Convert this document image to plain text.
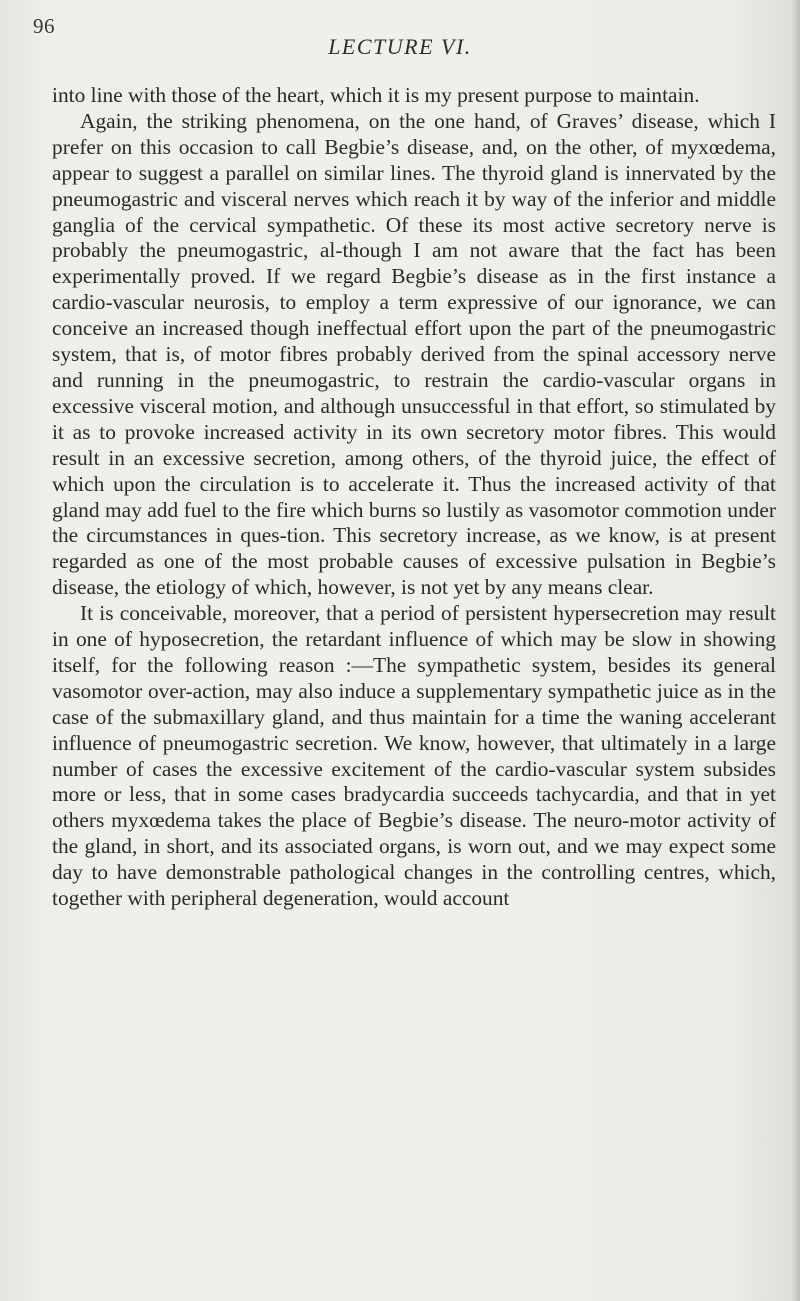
96
LECTURE VI.

into line with those of the heart, which it is my present purpose to maintain.

Again, the striking phenomena, on the one hand, of Graves’ disease, which I prefer on this occasion to call Begbie’s disease, and, on the other, of myxœdema, appear to suggest a parallel on similar lines. The thyroid gland is innervated by the pneumogastric and visceral nerves which reach it by way of the inferior and middle ganglia of the cervical sympathetic. Of these its most active secretory nerve is probably the pneumogastric, al-though I am not aware that the fact has been experimentally proved. If we regard Begbie’s disease as in the first instance a cardio-vascular neurosis, to employ a term expressive of our ignorance, we can conceive an increased though ineffectual effort upon the part of the pneumogastric system, that is, of motor fibres probably derived from the spinal accessory nerve and running in the pneumogastric, to restrain the cardio-vascular organs in excessive visceral motion, and although unsuccessful in that effort, so stimulated by it as to provoke increased activity in its own secretory motor fibres. This would result in an excessive secretion, among others, of the thyroid juice, the effect of which upon the circulation is to accelerate it. Thus the increased activity of that gland may add fuel to the fire which burns so lustily as vasomotor commotion under the circumstances in ques-tion. This secretory increase, as we know, is at present regarded as one of the most probable causes of excessive pulsation in Begbie’s disease, the etiology of which, however, is not yet by any means clear.

It is conceivable, moreover, that a period of persistent hypersecretion may result in one of hyposecretion, the retardant influence of which may be slow in showing itself, for the following reason :—The sympathetic system, besides its general vasomotor over-action, may also induce a supplementary sympathetic juice as in the case of the submaxillary gland, and thus maintain for a time the waning accelerant influence of pneumogastric secretion. We know, however, that ultimately in a large number of cases the excessive excitement of the cardio-vascular system subsides more or less, that in some cases bradycardia succeeds tachycardia, and that in yet others myxœdema takes the place of Begbie’s disease. The neuro-motor activity of the gland, in short, and its associated organs, is worn out, and we may expect some day to have demonstrable pathological changes in the controlling centres, which, together with peripheral degeneration, would account
